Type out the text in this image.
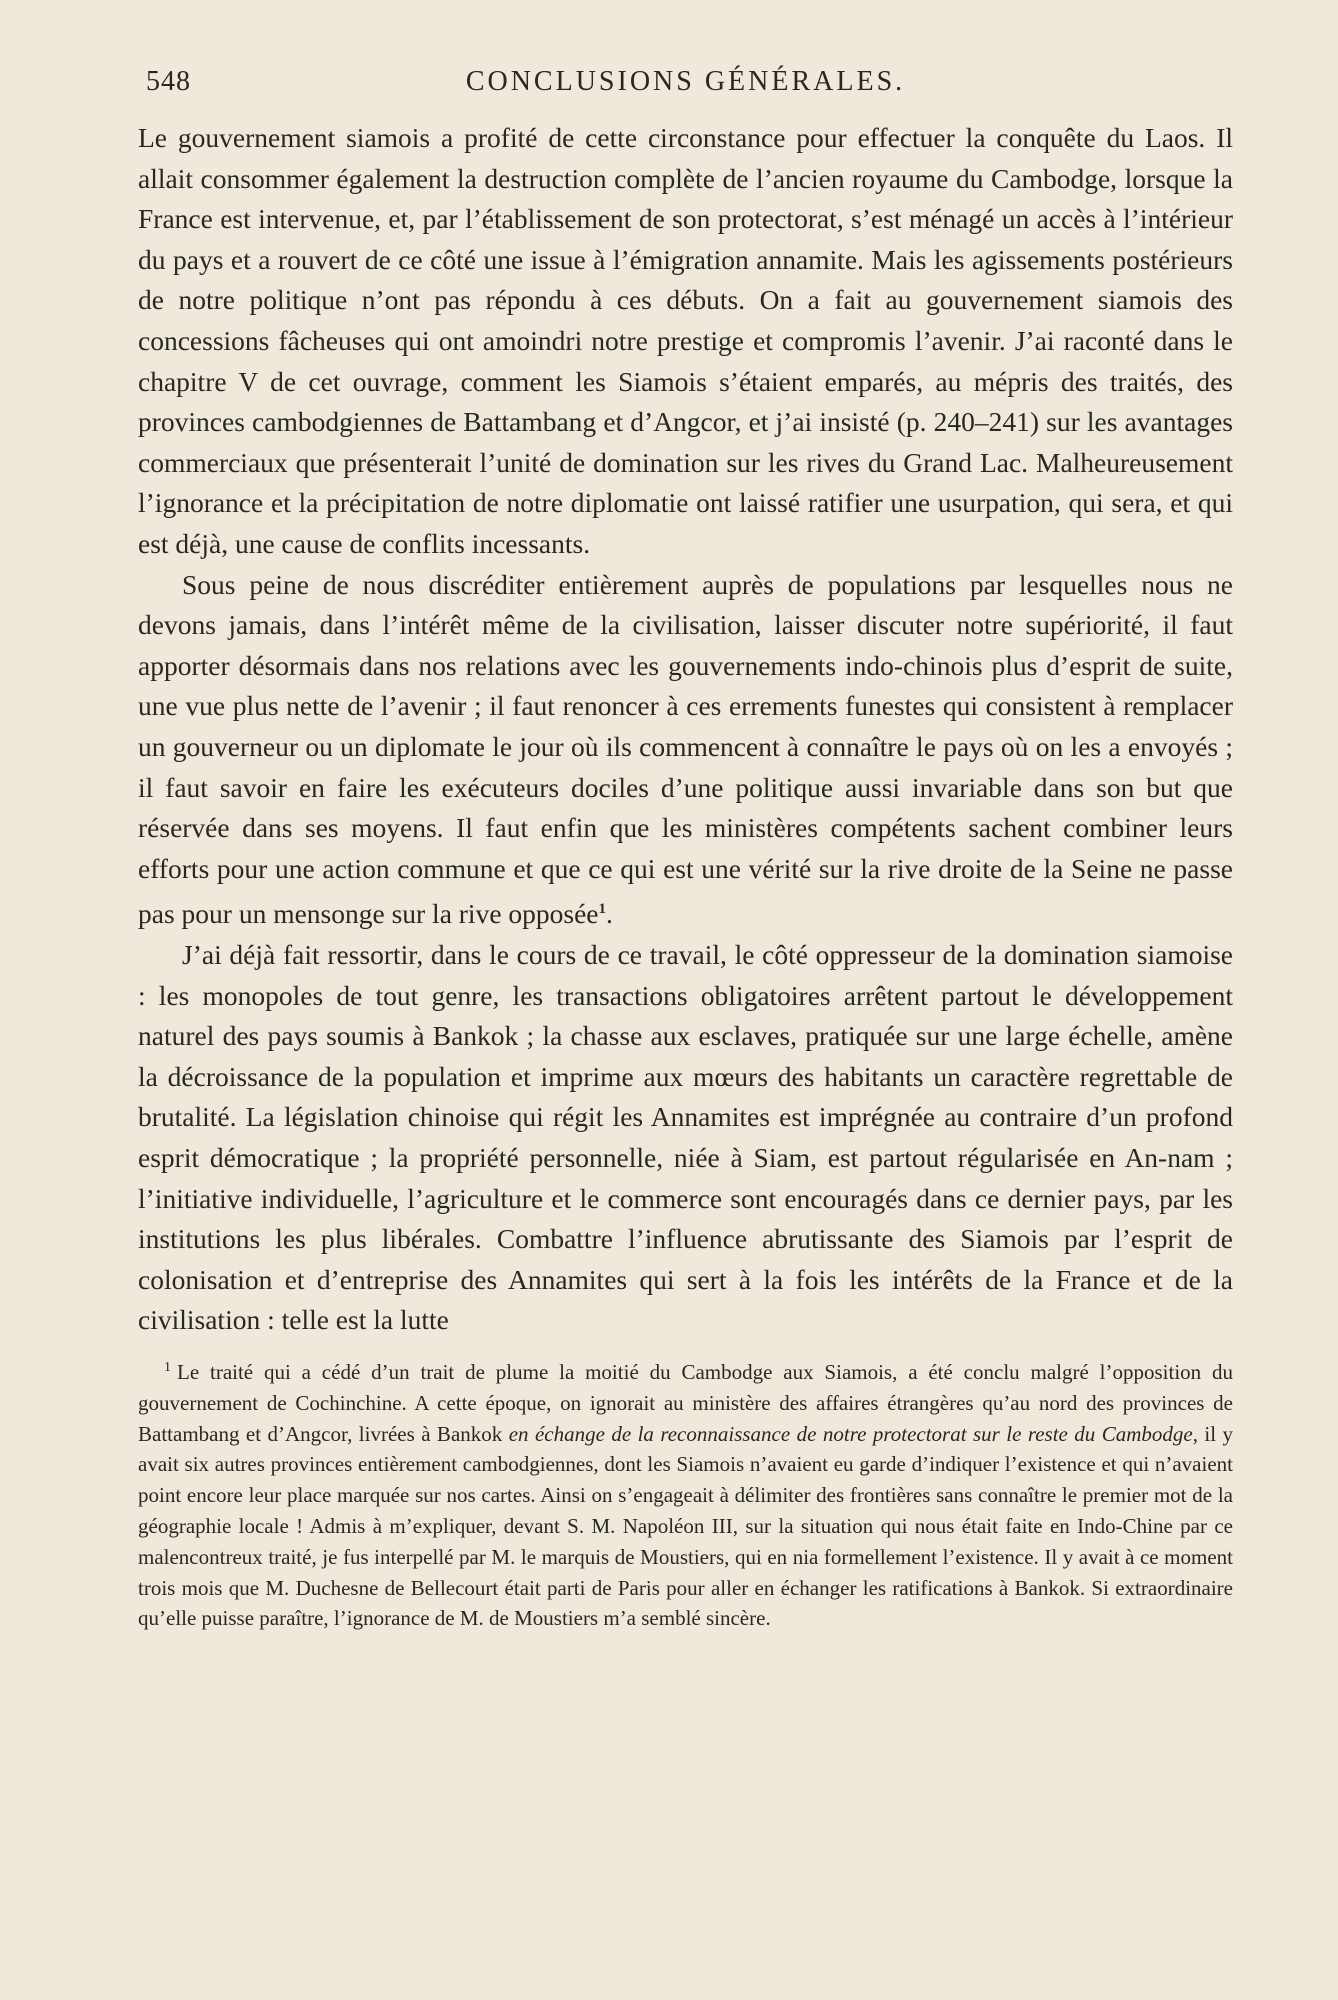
548	CONCLUSIONS GÉNÉRALES.

Le gouvernement siamois a profité de cette circonstance pour effectuer la conquête du Laos. Il allait consommer également la destruction complète de l’ancien royaume du Cambodge, lorsque la France est intervenue, et, par l’établissement de son protectorat, s’est ménagé un accès à l’intérieur du pays et a rouvert de ce côté une issue à l’émigration annamite. Mais les agissements postérieurs de notre politique n’ont pas répondu à ces débuts. On a fait au gouvernement siamois des concessions fâcheuses qui ont amoindri notre prestige et compromis l’avenir. J’ai raconté dans le chapitre V de cet ouvrage, comment les Siamois s’étaient emparés, au mépris des traités, des provinces cambodgiennes de Battambang et d’Angcor, et j’ai insisté (p. 240–241) sur les avantages commerciaux que présenterait l’unité de domination sur les rives du Grand Lac. Malheureusement l’ignorance et la précipitation de notre diplomatie ont laissé ratifier une usurpation, qui sera, et qui est déjà, une cause de conflits incessants.

Sous peine de nous discréditer entièrement auprès de populations par lesquelles nous ne devons jamais, dans l’intérêt même de la civilisation, laisser discuter notre supériorité, il faut apporter désormais dans nos relations avec les gouvernements indo-chinois plus d’esprit de suite, une vue plus nette de l’avenir ; il faut renoncer à ces errements funestes qui consistent à remplacer un gouverneur ou un diplomate le jour où ils commencent à connaître le pays où on les a envoyés ; il faut savoir en faire les exécuteurs dociles d’une politique aussi invariable dans son but que réservée dans ses moyens. Il faut enfin que les ministères compétents sachent combiner leurs efforts pour une action commune et que ce qui est une vérité sur la rive droite de la Seine ne passe pas pour un mensonge sur la rive opposée$^1$.

J’ai déjà fait ressortir, dans le cours de ce travail, le côté oppresseur de la domination siamoise : les monopoles de tout genre, les transactions obligatoires arrêtent partout le développement naturel des pays soumis à Bankok ; la chasse aux esclaves, pratiquée sur une large échelle, amène la décroissance de la population et imprime aux mœurs des habitants un caractère regrettable de brutalité. La législation chinoise qui régit les Annamites est imprégnée au contraire d’un profond esprit démocratique ; la propriété personnelle, niée à Siam, est partout régularisée en An-nam ; l’initiative individuelle, l’agriculture et le commerce sont encouragés dans ce dernier pays, par les institutions les plus libérales. Combattre l’influence abrutissante des Siamois par l’esprit de colonisation et d’entreprise des Annamites qui sert à la fois les intérêts de la France et de la civilisation : telle est la lutte

$^1$ Le traité qui a cédé d’un trait de plume la moitié du Cambodge aux Siamois, a été conclu malgré l’opposition du gouvernement de Cochinchine. A cette époque, on ignorait au ministère des affaires étrangères qu’au nord des provinces de Battambang et d’Angcor, livrées à Bankok en échange de la reconnaissance de notre protectorat sur le reste du Cambodge, il y avait six autres provinces entièrement cambodgiennes, dont les Siamois n’avaient eu garde d’indiquer l’existence et qui n’avaient point encore leur place marquée sur nos cartes. Ainsi on s’engageait à délimiter des frontières sans connaître le premier mot de la géographie locale ! Admis à m’expliquer, devant S. M. Napoléon III, sur la situation qui nous était faite en Indo-Chine par ce malencontreux traité, je fus interpellé par M. le marquis de Moustiers, qui en nia formellement l’existence. Il y avait à ce moment trois mois que M. Duchesne de Bellecourt était parti de Paris pour aller en échanger les ratifications à Bankok. Si extraordinaire qu’elle puisse paraître, l’ignorance de M. de Moustiers m’a semblé sincère.
